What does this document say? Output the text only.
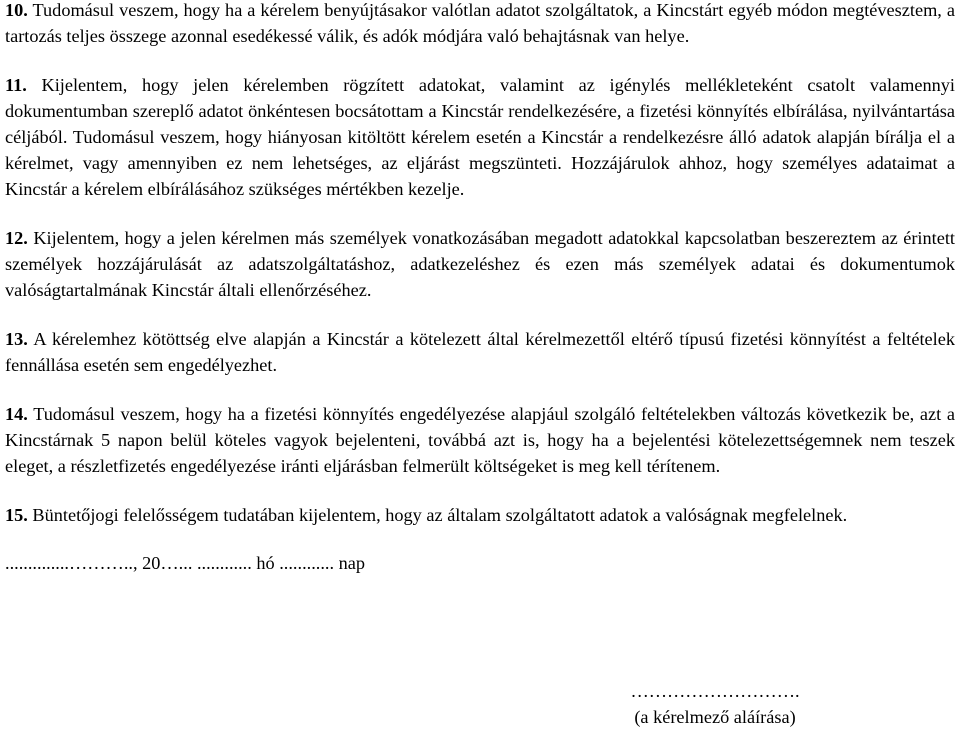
10. Tudomásul veszem, hogy ha a kérelem benyújtásakor valótlan adatot szolgáltatok, a Kincstárt egyéb módon megtévesztem, a tartozás teljes összege azonnal esedékessé válik, és adók módjára való behajtásnak van helye.

11. Kijelentem, hogy jelen kérelemben rögzített adatokat, valamint az igénylés mellékleteként csatolt valamennyi dokumentumban szereplő adatot önkéntesen bocsátottam a Kincstár rendelkezésére, a fizetési könnyítés elbírálása, nyilvántartása céljából. Tudomásul veszem, hogy hiányosan kitöltött kérelem esetén a Kincstár a rendelkezésre álló adatok alapján bírálja el a kérelmet, vagy amennyiben ez nem lehetséges, az eljárást megszünteti. Hozzájárulok ahhoz, hogy személyes adataimat a Kincstár a kérelem elbírálásához szükséges mértékben kezelje.

12. Kijelentem, hogy a jelen kérelmen más személyek vonatkozásában megadott adatokkal kapcsolatban beszereztem az érintett személyek hozzájárulását az adatszolgáltatáshoz, adatkezeléshez és ezen más személyek adatai és dokumentumok valóságtartalmának Kincstár általi ellenőrzéséhez.

13. A kérelemhez kötöttség elve alapján a Kincstár a kötelezett által kérelmezettől eltérő típusú fizetési könnyítést a feltételek fennállása esetén sem engedélyezhet.

14. Tudomásul veszem, hogy ha a fizetési könnyítés engedélyezése alapjául szolgáló feltételekben változás következik be, azt a Kincstárnak 5 napon belül köteles vagyok bejelenteni, továbbá azt is, hogy ha a bejelentési kötelezettségemnek nem teszek eleget, a részletfizetés engedélyezése iránti eljárásban felmerült költségeket is meg kell térítenem.

15. Büntetőjogi felelősségem tudatában kijelentem, hogy az általam szolgáltatott adatok a valóságnak megfelelnek.

..............……….., 20…... ............ hó ............ nap
……………………….
(a kérelmező aláírása)
